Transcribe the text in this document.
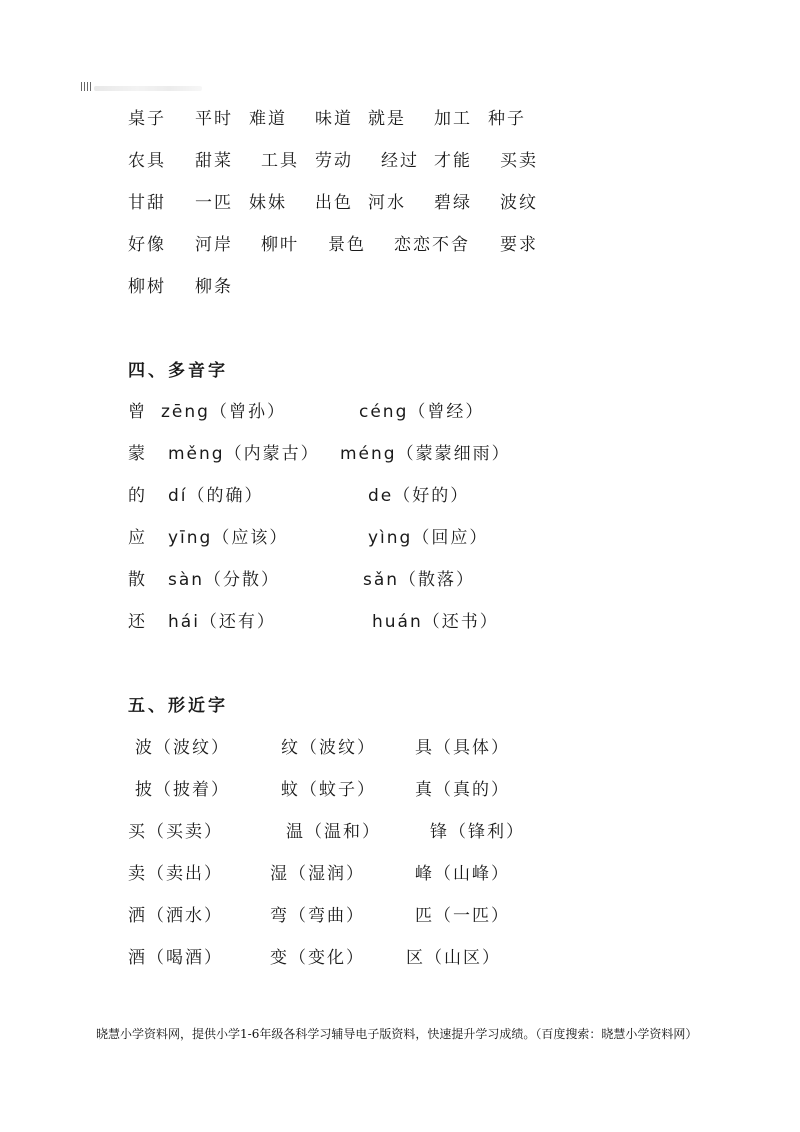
||||
桌子 平时 难道 味道 就是 加工 种子
农具 甜菜 工具 劳动 经过 才能 买卖
甘甜 一匹 妹妹 出色 河水 碧绿 波纹
好像 河岸 柳叶 景色 恋恋不舍 要求
柳树 柳条
四、多音字
曾 zēng（曾孙）	céng（曾经）
蒙 měng（内蒙古） méng（蒙蒙细雨）
的 dí（的确）	de（好的）
应 yīng（应该）	yìng（回应）
散 sàn（分散）	sǎn（散落）
还 hái（还有）	huán（还书）
五、形近字
波（波纹）	纹（波纹） 具（具体）
披（披着）	蚊（蚊子） 真（真的）
买（买卖）	温（温和）	锋（锋利）
卖（卖出）	湿（湿润）	峰（山峰）
洒（洒水）	弯（弯曲）	匹（一匹）
酒（喝酒）	变（变化） 区（山区）
晓慧小学资料网，提供小学1-6年级各科学习辅导电子版资料，快速提升学习成绩。（百度搜索：晓慧小学资料网）
